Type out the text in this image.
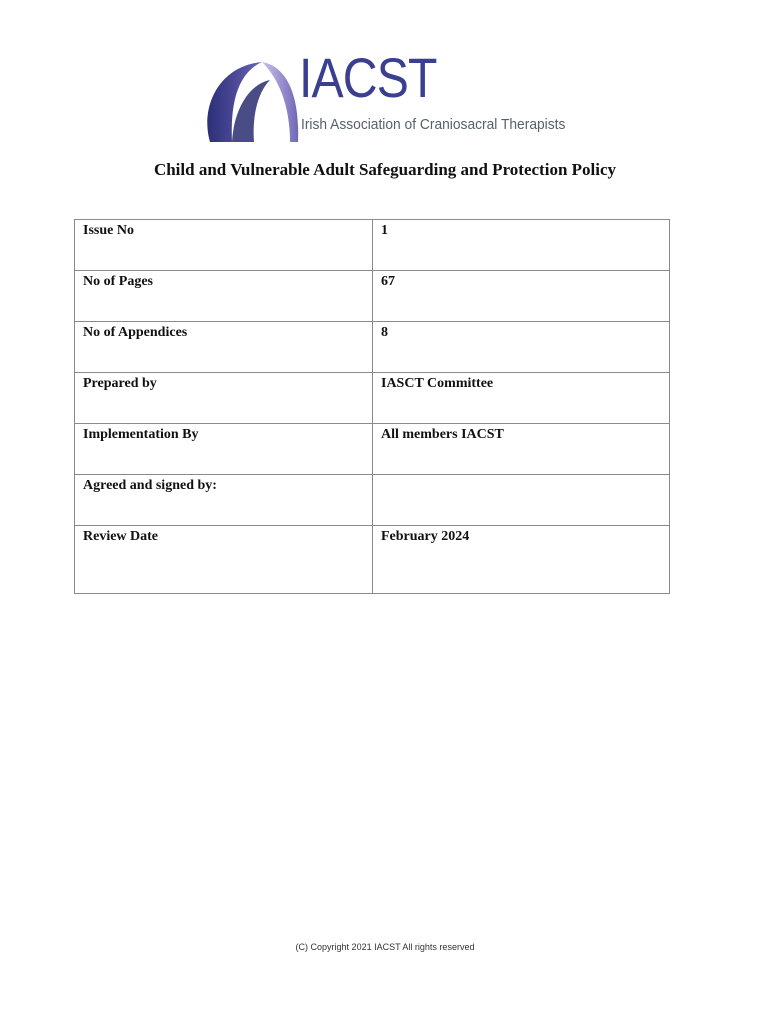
IACST
Irish Association of Craniosacral Therapists
Child and Vulnerable Adult Safeguarding and Protection Policy
Issue No	1
No of Pages	67
No of Appendices	8
Prepared by	IASCT Committee
Implementation By	All members IACST
Agreed and signed by:	
Review Date	February 2024
(C) Copyright 2021 IACST All rights reserved
